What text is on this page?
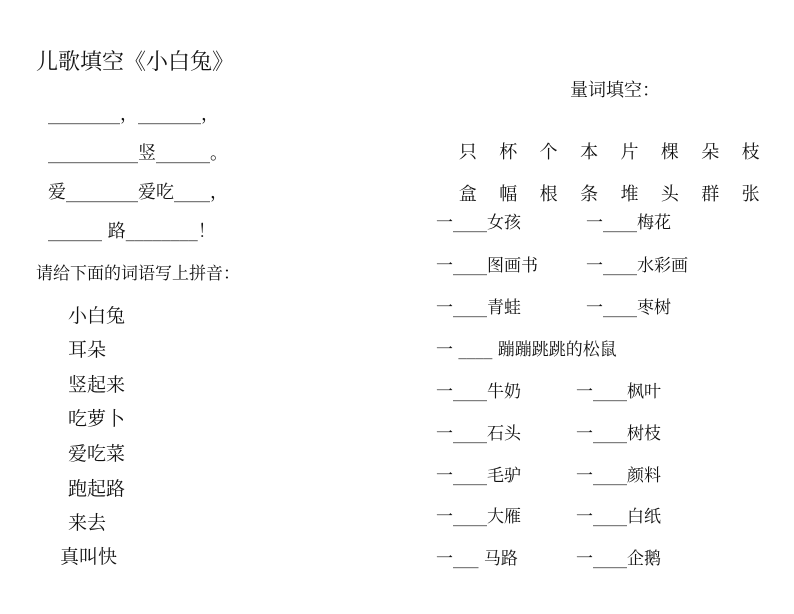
儿歌填空《小白兔》
________，_______，
__________竖______。
爱________爱吃____，
______ 路________！
请给下面的词语写上拼音：
小白兔
耳朵
竖起来
吃萝卜
爱吃菜
跑起路
来去
真叫快
量词填空：

只 杯 个 本 片 棵 朵 枝

盒 幅 根 条 堆 头 群 张

一____女孩	一____梅花
一____图画书	一____水彩画
一____青蛙	一____枣树
一 ____ 蹦蹦跳跳的松鼠
一____牛奶	一____枫叶
一____石头	一____树枝
一____毛驴	一____颜料
一____大雁	一____白纸
一___ 马路	一____企鹅
